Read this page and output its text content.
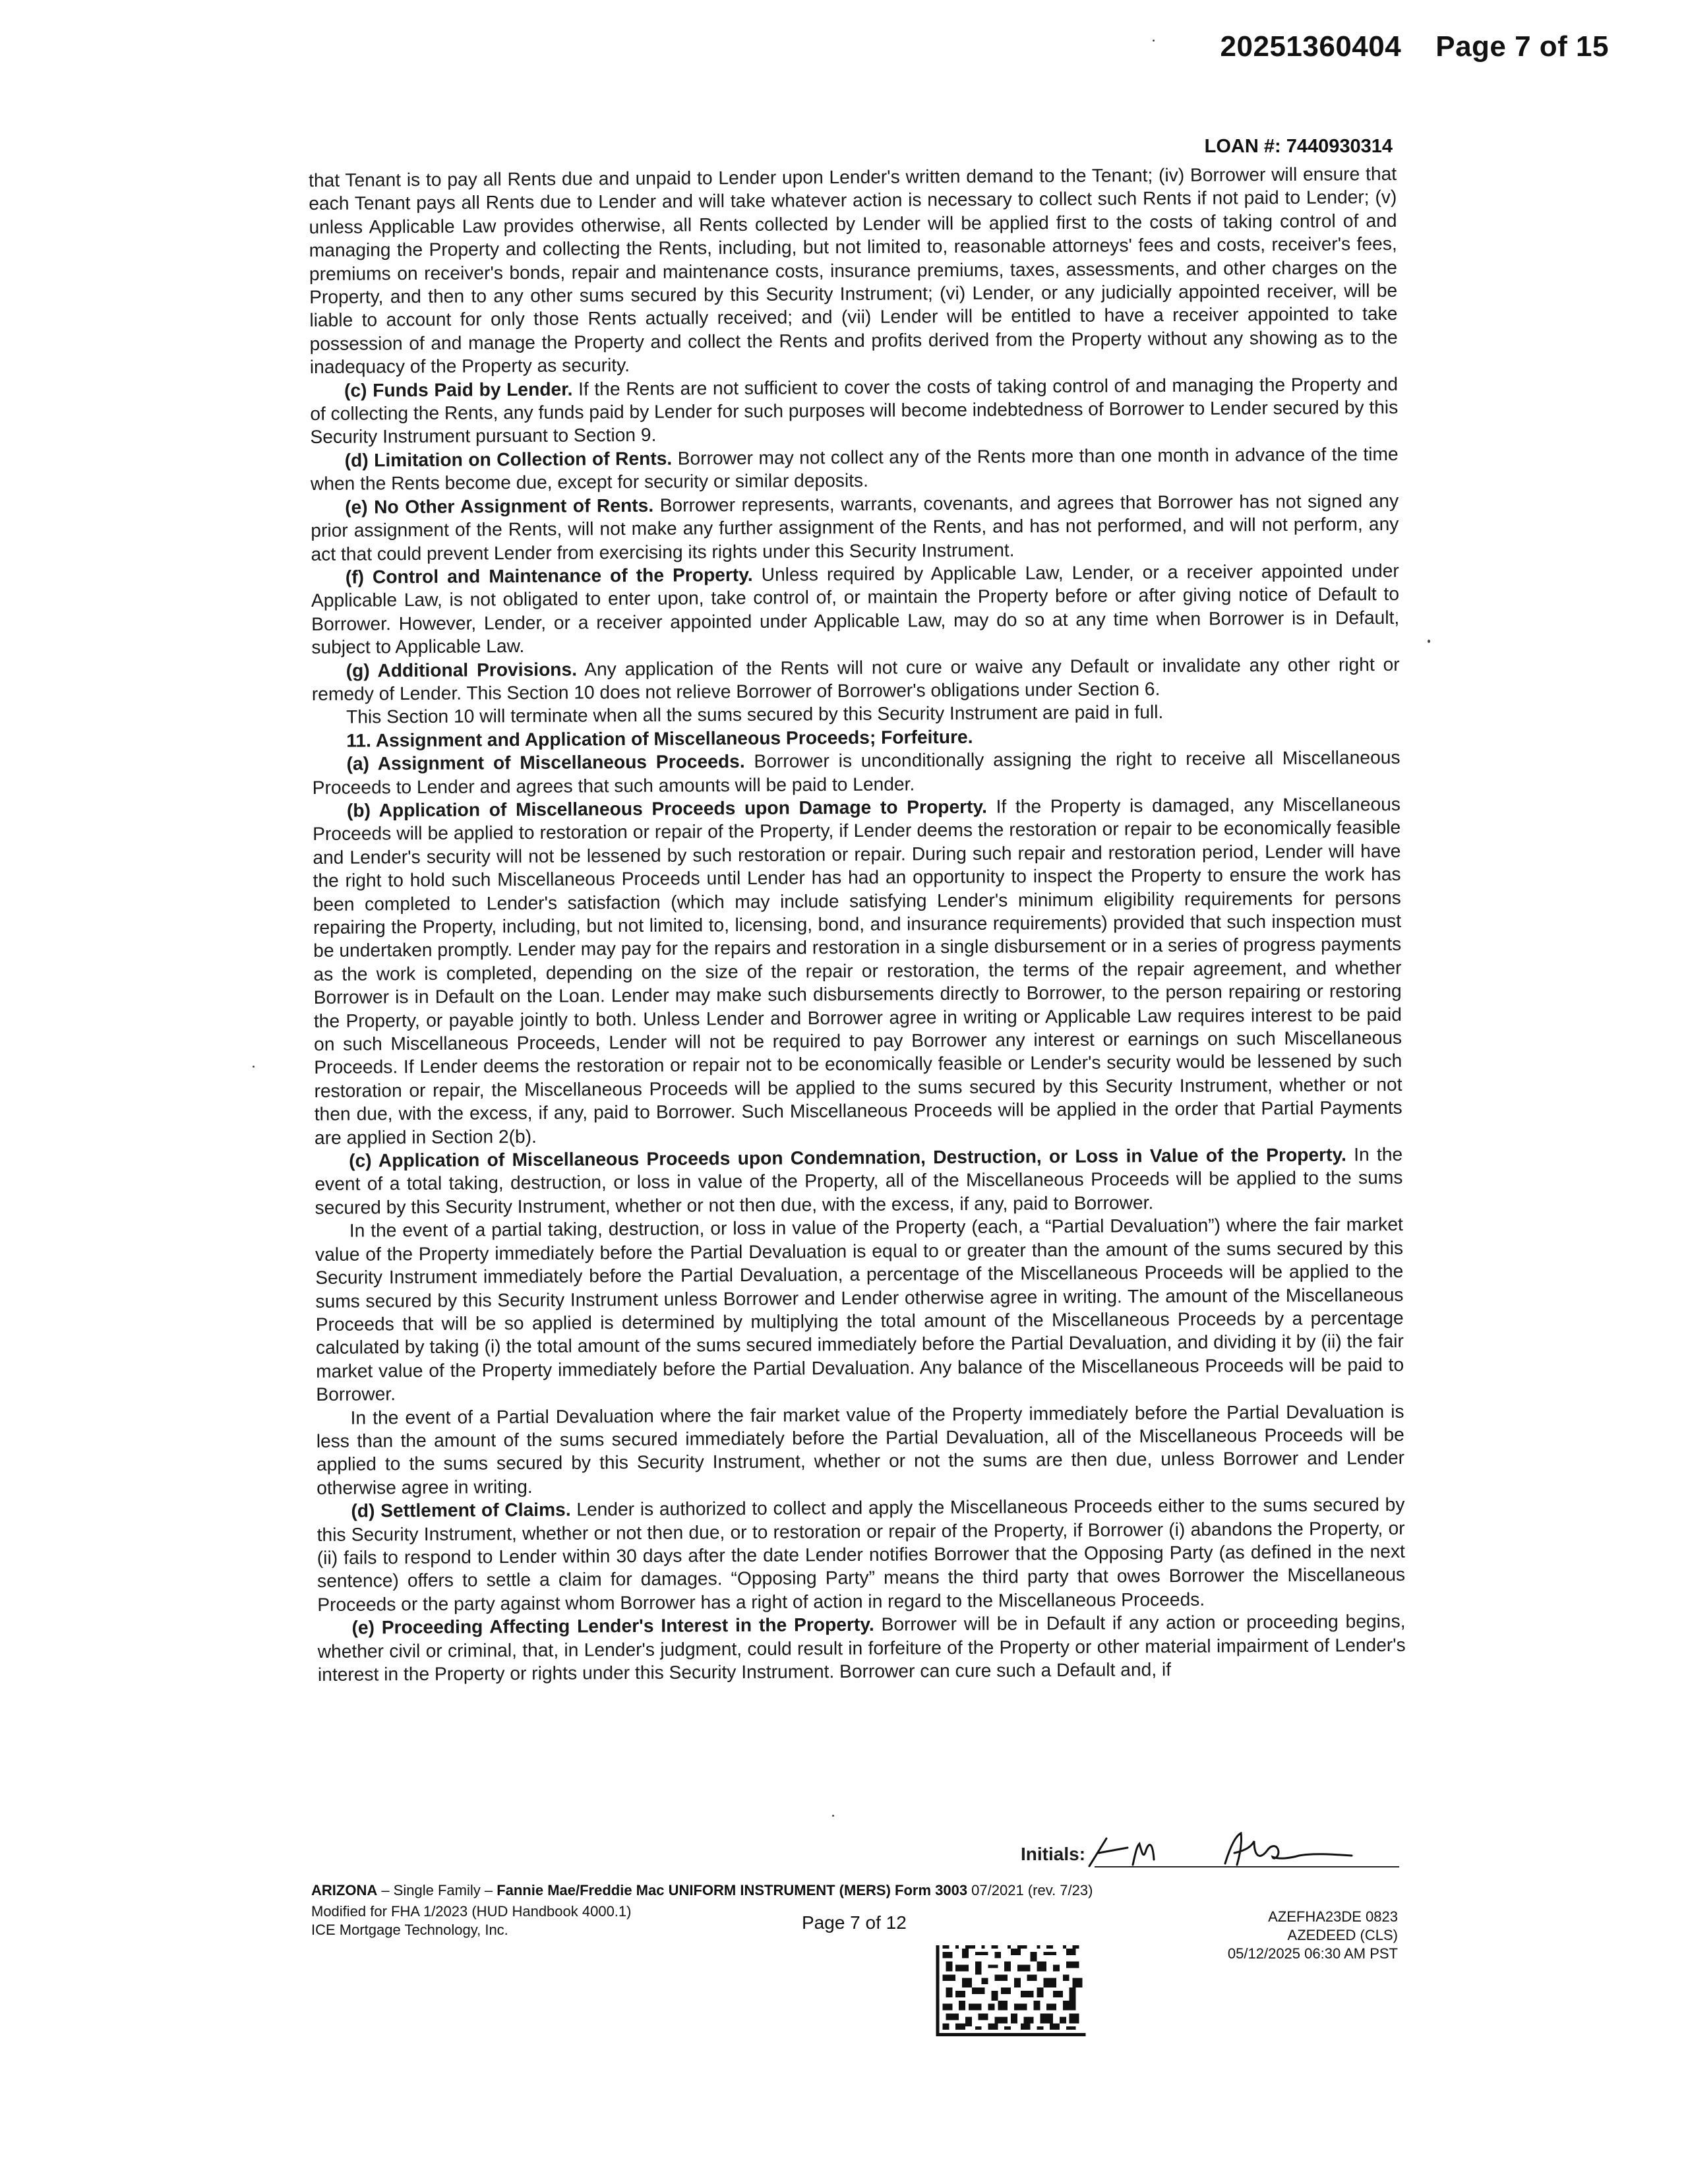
20251360404 Page 7 of 15
LOAN #: 7440930314

that Tenant is to pay all Rents due and unpaid to Lender upon Lender's written demand to the Tenant; (iv) Borrower will ensure that each Tenant pays all Rents due to Lender and will take whatever action is necessary to collect such Rents if not paid to Lender; (v) unless Applicable Law provides otherwise, all Rents collected by Lender will be applied first to the costs of taking control of and managing the Property and collecting the Rents, including, but not limited to, reasonable attorneys' fees and costs, receiver's fees, premiums on receiver's bonds, repair and maintenance costs, insurance premiums, taxes, assessments, and other charges on the Property, and then to any other sums secured by this Security Instrument; (vi) Lender, or any judicially appointed receiver, will be liable to account for only those Rents actually received; and (vii) Lender will be entitled to have a receiver appointed to take possession of and manage the Property and collect the Rents and profits derived from the Property without any showing as to the inadequacy of the Property as security.

(c) Funds Paid by Lender. If the Rents are not sufficient to cover the costs of taking control of and managing the Property and of collecting the Rents, any funds paid by Lender for such purposes will become indebtedness of Borrower to Lender secured by this Security Instrument pursuant to Section 9.

(d) Limitation on Collection of Rents. Borrower may not collect any of the Rents more than one month in advance of the time when the Rents become due, except for security or similar deposits.

(e) No Other Assignment of Rents. Borrower represents, warrants, covenants, and agrees that Borrower has not signed any prior assignment of the Rents, will not make any further assignment of the Rents, and has not performed, and will not perform, any act that could prevent Lender from exercising its rights under this Security Instrument.

(f) Control and Maintenance of the Property. Unless required by Applicable Law, Lender, or a receiver appointed under Applicable Law, is not obligated to enter upon, take control of, or maintain the Property before or after giving notice of Default to Borrower. However, Lender, or a receiver appointed under Applicable Law, may do so at any time when Borrower is in Default, subject to Applicable Law.

(g) Additional Provisions. Any application of the Rents will not cure or waive any Default or invalidate any other right or remedy of Lender. This Section 10 does not relieve Borrower of Borrower's obligations under Section 6.

This Section 10 will terminate when all the sums secured by this Security Instrument are paid in full.

11. Assignment and Application of Miscellaneous Proceeds; Forfeiture.

(a) Assignment of Miscellaneous Proceeds. Borrower is unconditionally assigning the right to receive all Miscellaneous Proceeds to Lender and agrees that such amounts will be paid to Lender.

(b) Application of Miscellaneous Proceeds upon Damage to Property. If the Property is damaged, any Miscellaneous Proceeds will be applied to restoration or repair of the Property, if Lender deems the restoration or repair to be economically feasible and Lender's security will not be lessened by such restoration or repair. During such repair and restoration period, Lender will have the right to hold such Miscellaneous Proceeds until Lender has had an opportunity to inspect the Property to ensure the work has been completed to Lender's satisfaction (which may include satisfying Lender's minimum eligibility requirements for persons repairing the Property, including, but not limited to, licensing, bond, and insurance requirements) provided that such inspection must be undertaken promptly. Lender may pay for the repairs and restoration in a single disbursement or in a series of progress payments as the work is completed, depending on the size of the repair or restoration, the terms of the repair agreement, and whether Borrower is in Default on the Loan. Lender may make such disbursements directly to Borrower, to the person repairing or restoring the Property, or payable jointly to both. Unless Lender and Borrower agree in writing or Applicable Law requires interest to be paid on such Miscellaneous Proceeds, Lender will not be required to pay Borrower any interest or earnings on such Miscellaneous Proceeds. If Lender deems the restoration or repair not to be economically feasible or Lender's security would be lessened by such restoration or repair, the Miscellaneous Proceeds will be applied to the sums secured by this Security Instrument, whether or not then due, with the excess, if any, paid to Borrower. Such Miscellaneous Proceeds will be applied in the order that Partial Payments are applied in Section 2(b).

(c) Application of Miscellaneous Proceeds upon Condemnation, Destruction, or Loss in Value of the Property. In the event of a total taking, destruction, or loss in value of the Property, all of the Miscellaneous Proceeds will be applied to the sums secured by this Security Instrument, whether or not then due, with the excess, if any, paid to Borrower.

In the event of a partial taking, destruction, or loss in value of the Property (each, a “Partial Devaluation”) where the fair market value of the Property immediately before the Partial Devaluation is equal to or greater than the amount of the sums secured by this Security Instrument immediately before the Partial Devaluation, a percentage of the Miscellaneous Proceeds will be applied to the sums secured by this Security Instrument unless Borrower and Lender otherwise agree in writing. The amount of the Miscellaneous Proceeds that will be so applied is determined by multiplying the total amount of the Miscellaneous Proceeds by a percentage calculated by taking (i) the total amount of the sums secured immediately before the Partial Devaluation, and dividing it by (ii) the fair market value of the Property immediately before the Partial Devaluation. Any balance of the Miscellaneous Proceeds will be paid to Borrower.

In the event of a Partial Devaluation where the fair market value of the Property immediately before the Partial Devaluation is less than the amount of the sums secured immediately before the Partial Devaluation, all of the Miscellaneous Proceeds will be applied to the sums secured by this Security Instrument, whether or not the sums are then due, unless Borrower and Lender otherwise agree in writing.

(d) Settlement of Claims. Lender is authorized to collect and apply the Miscellaneous Proceeds either to the sums secured by this Security Instrument, whether or not then due, or to restoration or repair of the Property, if Borrower (i) abandons the Property, or (ii) fails to respond to Lender within 30 days after the date Lender notifies Borrower that the Opposing Party (as defined in the next sentence) offers to settle a claim for damages. “Opposing Party” means the third party that owes Borrower the Miscellaneous Proceeds or the party against whom Borrower has a right of action in regard to the Miscellaneous Proceeds.

(e) Proceeding Affecting Lender's Interest in the Property. Borrower will be in Default if any action or proceeding begins, whether civil or criminal, that, in Lender's judgment, could result in forfeiture of the Property or other material impairment of Lender's interest in the Property or rights under this Security Instrument. Borrower can cure such a Default and, if

Initials:
ARIZONA – Single Family – Fannie Mae/Freddie Mac UNIFORM INSTRUMENT (MERS) Form 3003 07/2021 (rev. 7/23)
Modified for FHA 1/2023 (HUD Handbook 4000.1)
ICE Mortgage Technology, Inc.	Page 7 of 12	AZEFHA23DE 0823
AZEDEED (CLS)
05/12/2025 06:30 AM PST
